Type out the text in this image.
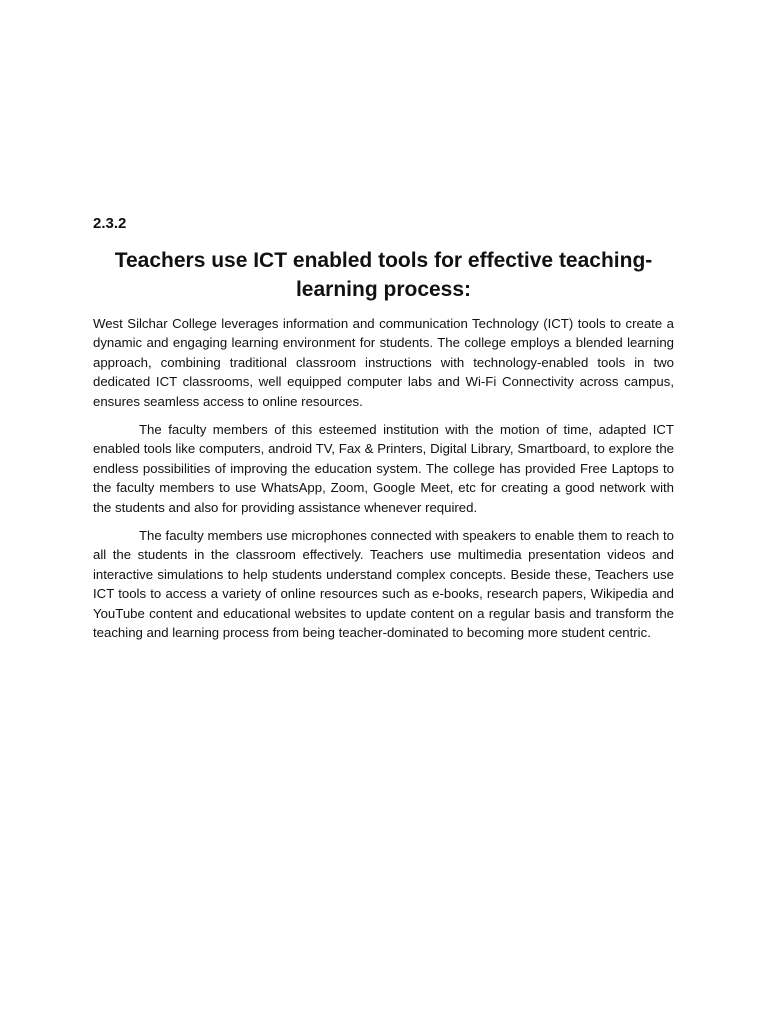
2.3.2
Teachers use ICT enabled tools for effective teaching-learning process:

West Silchar College leverages information and communication Technology (ICT) tools to create a dynamic and engaging learning environment for students. The college employs a blended learning approach, combining traditional classroom instructions with technology-enabled tools in two dedicated ICT classrooms, well equipped computer labs and Wi-Fi Connectivity across campus, ensures seamless access to online resources.

The faculty members of this esteemed institution with the motion of time, adapted ICT enabled tools like computers, android TV, Fax & Printers, Digital Library, Smartboard, to explore the endless possibilities of improving the education system. The college has provided Free Laptops to the faculty members to use WhatsApp, Zoom, Google Meet, etc for creating a good network with the students and also for providing assistance whenever required.

The faculty members use microphones connected with speakers to enable them to reach to all the students in the classroom effectively. Teachers use multimedia presentation videos and interactive simulations to help students understand complex concepts. Beside these, Teachers use ICT tools to access a variety of online resources such as e-books, research papers, Wikipedia and YouTube content and educational websites to update content on a regular basis and transform the teaching and learning process from being teacher-dominated to becoming more student centric.
